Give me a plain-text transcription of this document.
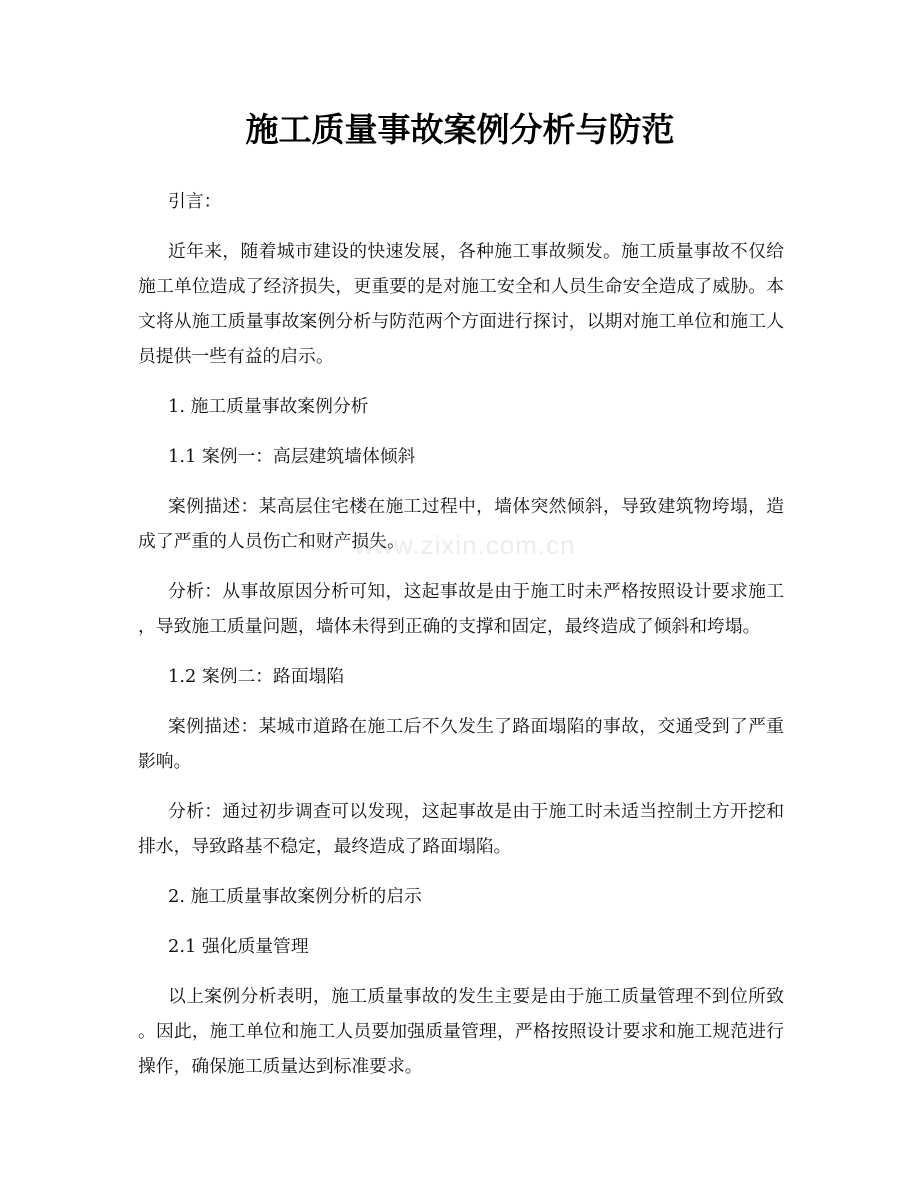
www.zixin.com.cn
施工质量事故案例分析与防范
引言：
近年来，随着城市建设的快速发展，各种施工事故频发。施工质量事故不仅给
施工单位造成了经济损失，更重要的是对施工安全和人员生命安全造成了威胁。本
文将从施工质量事故案例分析与防范两个方面进行探讨，以期对施工单位和施工人
员提供一些有益的启示。
1. 施工质量事故案例分析
1.1 案例一：高层建筑墙体倾斜
案例描述：某高层住宅楼在施工过程中，墙体突然倾斜，导致建筑物垮塌，造
成了严重的人员伤亡和财产损失。
分析：从事故原因分析可知，这起事故是由于施工时未严格按照设计要求施工
，导致施工质量问题，墙体未得到正确的支撑和固定，最终造成了倾斜和垮塌。
1.2 案例二：路面塌陷
案例描述：某城市道路在施工后不久发生了路面塌陷的事故，交通受到了严重
影响。
分析：通过初步调查可以发现，这起事故是由于施工时未适当控制土方开挖和
排水，导致路基不稳定，最终造成了路面塌陷。
2. 施工质量事故案例分析的启示
2.1 强化质量管理
以上案例分析表明，施工质量事故的发生主要是由于施工质量管理不到位所致
。因此，施工单位和施工人员要加强质量管理，严格按照设计要求和施工规范进行
操作，确保施工质量达到标准要求。
